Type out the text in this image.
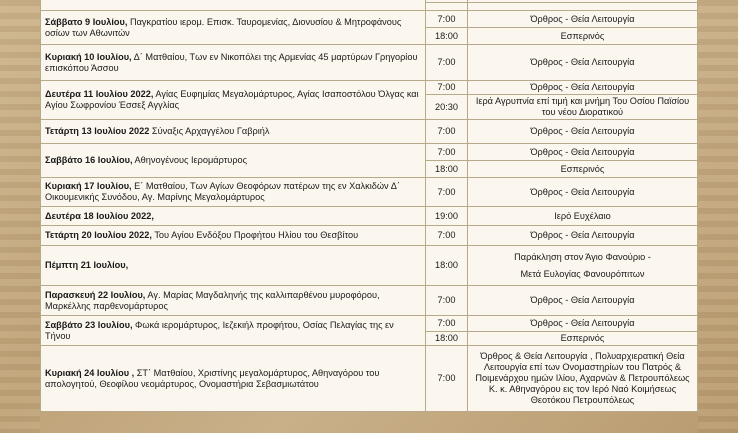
Σάββατο 9 Ιουλίου, Παγκρατίου ιερομ. Επισκ. Ταυρομενίας, Διονυσίου & Μητροφάνους οσίων των Αθωνιτών	7:00	Όρθρος - Θεία Λειτουργία
	18:00	Εσπερινός
Κυριακή 10 Ιουλίου, Δ΄ Ματθαίου, Των εν Νικοπόλει της Αρμενίας 45 μαρτύρων Γρηγορίου επισκόπου Άσσου	7:00	Όρθρος - Θεία Λειτουργία
Δευτέρα 11 Ιουλίου 2022, Αγίας Ευφημίας Μεγαλομάρτυρος, Αγίας Ισαποστόλου Όλγας και Αγίου Σωφρονίου Έσσεξ Αγγλίας	7:00	Όρθρος - Θεία Λειτουργία
	20:30	Ιερά Αγρυπνία επί τιμή και μνήμη Του Οσίου Παϊσίου του νέου Διορατικού
Τετάρτη 13 Ιουλίου 2022 Σύναξις Αρχαγγέλου Γαβριήλ	7:00	Όρθρος - Θεία Λειτουργία
Σαββάτο 16 Ιουλίου, Αθηνογένους Ιερομάρτυρος	7:00	Όρθρος - Θεία Λειτουργία
	18:00	Εσπερινός
Κυριακή 17 Ιουλίου, Ε΄ Ματθαίου, Των Αγίων Θεοφόρων πατέρων της εν Χαλκιδών Δ΄ Οικουμενικής Συνόδου, Αγ. Μαρίνης Μεγαλομάρτυρος	7:00	Όρθρος - Θεία Λειτουργία
Δευτέρα 18 Ιουλίου 2022,	19:00	Ιερό Ευχέλαιο
Τετάρτη 20 Ιουλίου 2022, Του Αγίου Ενδόξου Προφήτου Ηλίου του Θεσβίτου	7:00	Όρθρος - Θεία Λειτουργία
Πέμπτη 21 Ιουλίου,	18:00	Παράκληση στον Άγιο Φανούριο -
Μετά Ευλογίας Φανουρόπιτων
Παρασκευή 22 Ιουλίου, Αγ. Μαρίας Μαγδαληνής της καλλιπαρθένου μυροφόρου, Μαρκέλλης παρθενομάρτυρος	7:00	Όρθρος - Θεία Λειτουργία
Σαββάτο 23 Ιουλίου, Φωκά ιερομάρτυρος, Ιεζεκιήλ προφήτου, Οσίας Πελαγίας της εν Τήνου	7:00	Όρθρος - Θεία Λειτουργία
	18:00	Εσπερινός
Κυριακή 24 Ιουλίου , ΣΤ΄ Ματθαίου, Χριστίνης μεγαλομάρτυρος, Αθηναγόρου του απολογητού, Θεοφίλου νεομάρτυρος, Ονομαστήρια Σεβασμιωτάτου	7:00	Όρθρος & Θεία Λειτουργία , Πολυαρχιερατική Θεία Λειτουργία επί των Ονομαστηρίων του Πατρός & Ποιμενάρχου ημών Ιλίου, Αχαρνών & Πετρουπόλεως Κ. κ. Αθηναγόρου εις τον Ιερό Ναό Κοιμήσεως Θεοτόκου Πετρουπόλεως
